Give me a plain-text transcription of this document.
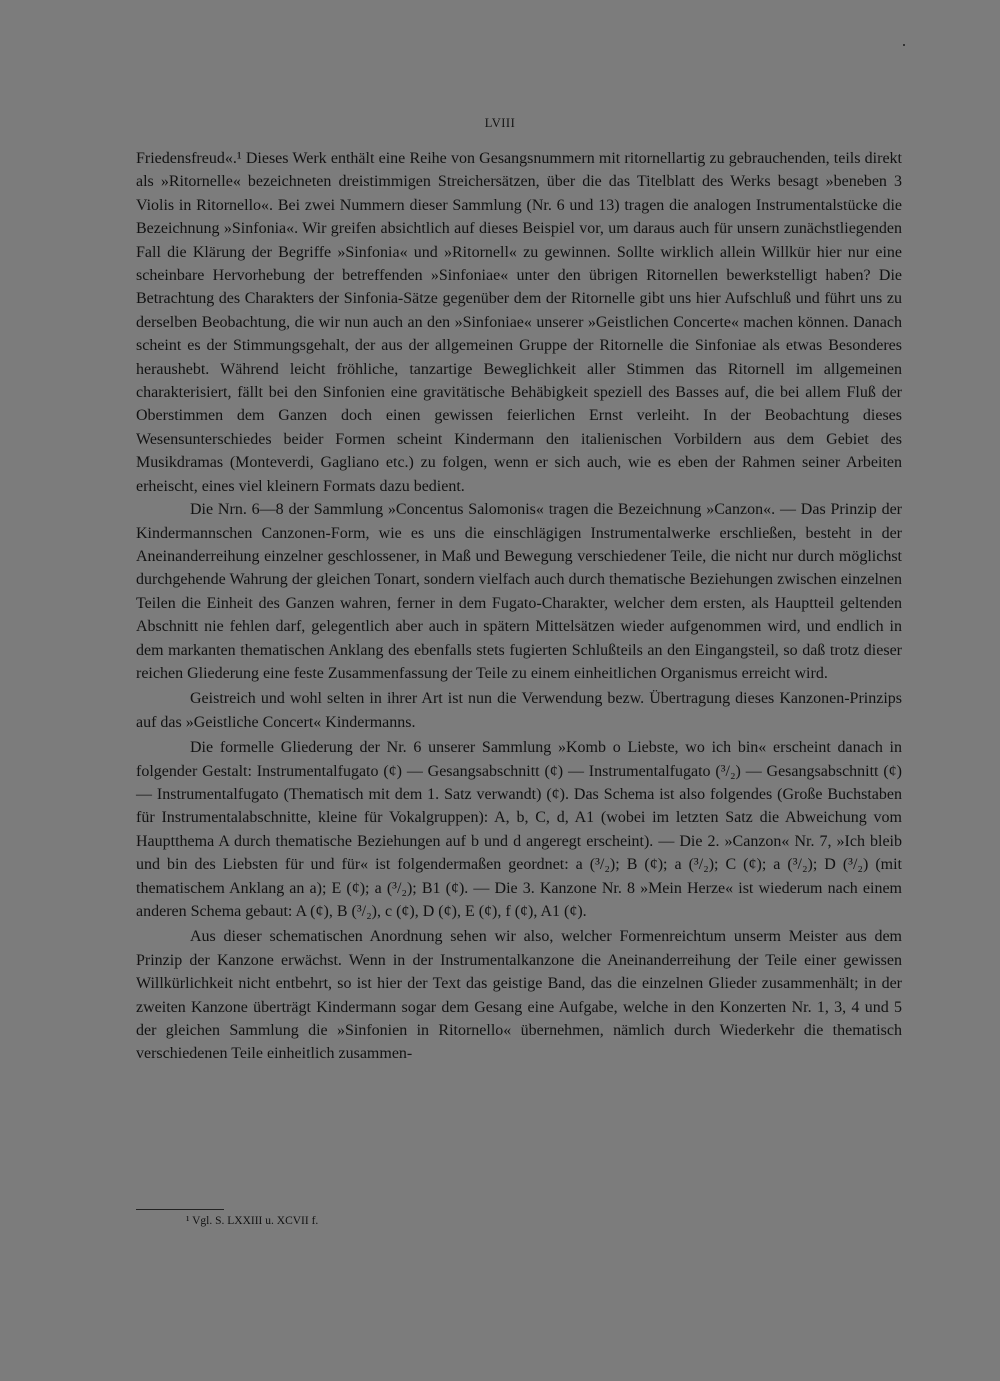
LVIII

Friedensfreud«.¹ Dieses Werk enthält eine Reihe von Gesangsnummern mit ritornellartig zu gebrauchenden, teils direkt als »Ritornelle« bezeichneten dreistimmigen Streichersätzen, über die das Titelblatt des Werks besagt »beneben 3 Violis in Ritornello«. Bei zwei Nummern dieser Sammlung (Nr. 6 und 13) tragen die analogen Instrumentalstücke die Bezeichnung »Sinfonia«. Wir greifen absichtlich auf dieses Beispiel vor, um daraus auch für unsern zunächstliegenden Fall die Klärung der Begriffe »Sinfonia« und »Ritornell« zu gewinnen. Sollte wirklich allein Willkür hier nur eine scheinbare Hervorhebung der betreffenden »Sinfoniae« unter den übrigen Ritornellen bewerkstelligt haben? Die Betrachtung des Charakters der Sinfonia-Sätze gegenüber dem der Ritornelle gibt uns hier Aufschluß und führt uns zu derselben Beobachtung, die wir nun auch an den »Sinfoniae« unserer »Geistlichen Concerte« machen können. Danach scheint es der Stimmungsgehalt, der aus der allgemeinen Gruppe der Ritornelle die Sinfoniae als etwas Besonderes heraushebt. Während leicht fröhliche, tanzartige Beweglichkeit aller Stimmen das Ritornell im allgemeinen charakterisiert, fällt bei den Sinfonien eine gravitätische Behäbigkeit speziell des Basses auf, die bei allem Fluß der Oberstimmen dem Ganzen doch einen gewissen feierlichen Ernst verleiht. In der Beobachtung dieses Wesensunterschiedes beider Formen scheint Kindermann den italienischen Vorbildern aus dem Gebiet des Musikdramas (Monteverdi, Gagliano etc.) zu folgen, wenn er sich auch, wie es eben der Rahmen seiner Arbeiten erheischt, eines viel kleinern Formats dazu bedient.

Die Nrn. 6—8 der Sammlung »Concentus Salomonis« tragen die Bezeichnung »Canzon«. — Das Prinzip der Kindermannschen Canzonen-Form, wie es uns die einschlägigen Instrumentalwerke erschließen, besteht in der Aneinanderreihung einzelner geschlossener, in Maß und Bewegung verschiedener Teile, die nicht nur durch möglichst durchgehende Wahrung der gleichen Tonart, sondern vielfach auch durch thematische Beziehungen zwischen einzelnen Teilen die Einheit des Ganzen wahren, ferner in dem Fugato-Charakter, welcher dem ersten, als Hauptteil geltenden Abschnitt nie fehlen darf, gelegentlich aber auch in spätern Mittelsätzen wieder aufgenommen wird, und endlich in dem markanten thematischen Anklang des ebenfalls stets fugierten Schlußteils an den Eingangsteil, so daß trotz dieser reichen Gliederung eine feste Zusammenfassung der Teile zu einem einheitlichen Organismus erreicht wird.

Geistreich und wohl selten in ihrer Art ist nun die Verwendung bezw. Übertragung dieses Kanzonen-Prinzips auf das »Geistliche Concert« Kindermanns.

Die formelle Gliederung der Nr. 6 unserer Sammlung »Komb o Liebste, wo ich bin« erscheint danach in folgender Gestalt: Instrumentalfugato (¢) — Gesangsabschnitt (¢) — Instrumentalfugato (³/₂) — Gesangsabschnitt (¢) — Instrumentalfugato (Thematisch mit dem 1. Satz verwandt) (¢). Das Schema ist also folgendes (Große Buchstaben für Instrumentalabschnitte, kleine für Vokalgruppen): A, b, C, d, A1 (wobei im letzten Satz die Abweichung vom Hauptthema A durch thematische Beziehungen auf b und d angeregt erscheint). — Die 2. »Canzon« Nr. 7, »Ich bleib und bin des Liebsten für und für« ist folgendermaßen geordnet: a (³/₂); B (¢); a (³/₂); C (¢); a (³/₂); D (³/₂) (mit thematischem Anklang an a); E (¢); a (³/₂); B1 (¢). — Die 3. Kanzone Nr. 8 »Mein Herze« ist wiederum nach einem anderen Schema gebaut: A (¢), B (³/₂), c (¢), D (¢), E (¢), f (¢), A1 (¢).

Aus dieser schematischen Anordnung sehen wir also, welcher Formenreichtum unserm Meister aus dem Prinzip der Kanzone erwächst. Wenn in der Instrumentalkanzone die Aneinanderreihung der Teile einer gewissen Willkürlichkeit nicht entbehrt, so ist hier der Text das geistige Band, das die einzelnen Glieder zusammenhält; in der zweiten Kanzone überträgt Kindermann sogar dem Gesang eine Aufgabe, welche in den Konzerten Nr. 1, 3, 4 und 5 der gleichen Sammlung die »Sinfonien in Ritornello« übernehmen, nämlich durch Wiederkehr die thematisch verschiedenen Teile einheitlich zusammen-

¹ Vgl. S. LXXIII u. XCVII f.
